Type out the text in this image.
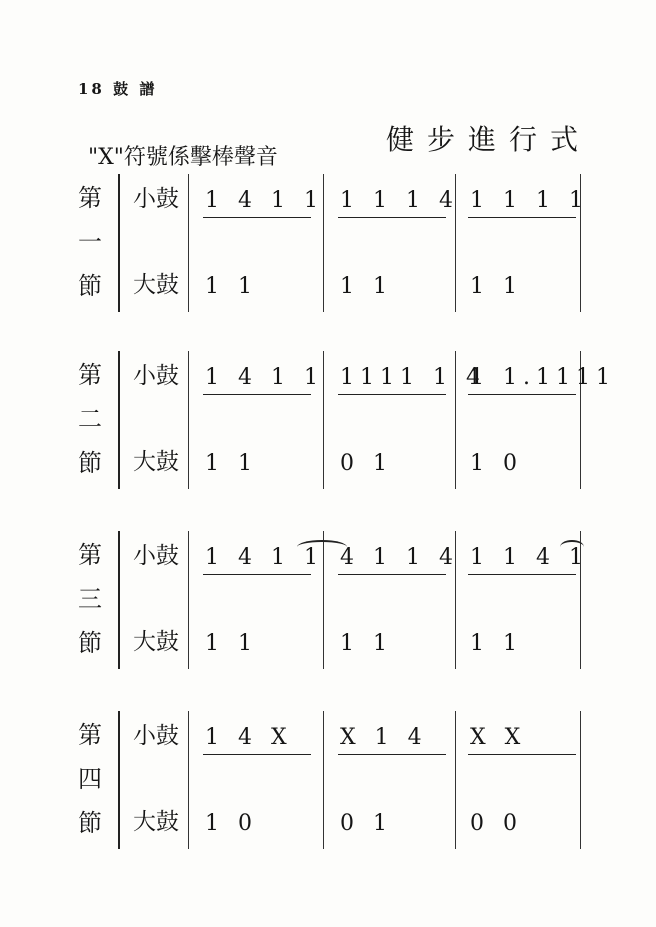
18 鼓 譜
健步進行式
"X"符號係擊棒聲音
第
一
節
小鼓
大鼓
1 4 1 1
1 1
1 1 1 4
1 1
1 1 1 1
1 1
第
二
節
小鼓
大鼓
1 4 1 1
1 1
1111 1 4
0 1
1 1.1111
1 0
第
三
節
小鼓
大鼓
1 4 1 1
1 1
4 1 1 4
1 1
1 1 4 1
1 1
第
四
節
小鼓
大鼓
1 4 X
1 0
X 1 4
0 1
X X
0 0
